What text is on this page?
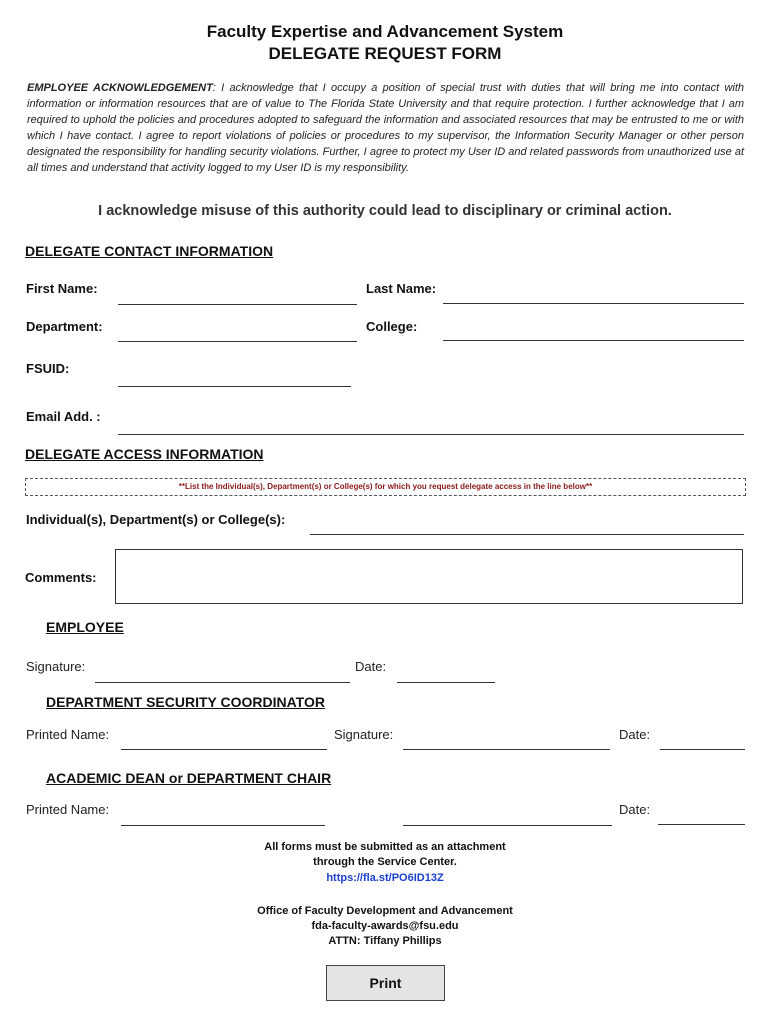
Faculty Expertise and Advancement System
DELEGATE REQUEST FORM
EMPLOYEE ACKNOWLEDGEMENT: I acknowledge that I occupy a position of special trust with duties that will bring me into contact with information or information resources that are of value to The Florida State University and that require protection. I further acknowledge that I am required to uphold the policies and procedures adopted to safeguard the information and associated resources that may be entrusted to me or with which I have contact. I agree to report violations of policies or procedures to my supervisor, the Information Security Manager or other person designated the responsibility for handling security violations. Further, I agree to protect my User ID and related passwords from unauthorized use at all times and understand that activity logged to my User ID is my responsibility.
I acknowledge misuse of this authority could lead to disciplinary or criminal action.
DELEGATE CONTACT INFORMATION
First Name:	Last Name:
Department:	College:
FSUID:
Email Add. :
DELEGATE ACCESS INFORMATION
**List the Individual(s), Department(s) or College(s) for which you request delegate access in the line below**
Individual(s), Department(s) or College(s):
Comments:
EMPLOYEE
Signature:	Date:
DEPARTMENT SECURITY COORDINATOR
Printed Name:	Signature:	Date:
ACADEMIC DEAN or DEPARTMENT CHAIR
Printed Name:	Date:
All forms must be submitted as an attachment
through the Service Center.
https://fla.st/PO6ID13Z
Office of Faculty Development and Advancement
fda-faculty-awards@fsu.edu
ATTN: Tiffany Phillips
Print
